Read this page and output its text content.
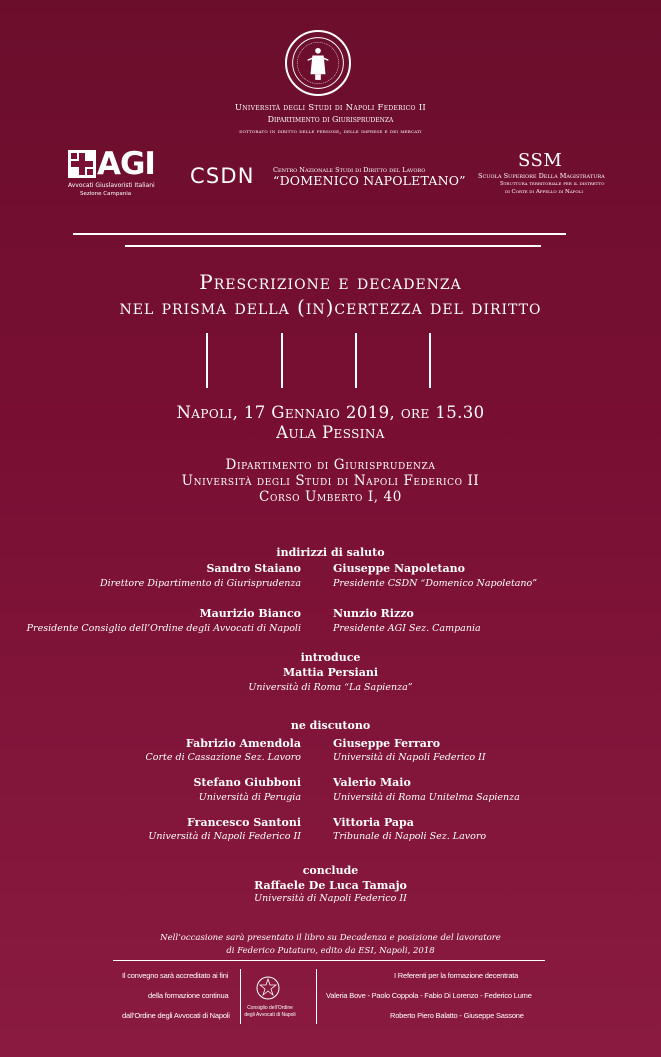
Università degli Studi di Napoli Federico II
Dipartimento di Giurisprudenza
dottorato in diritto delle persone, delle imprese e dei mercati
AGI
Avvocati Giuslavoristi Italiani
Sezione Campania
CSDN	Centro Nazionale Studi di Diritto del Lavoro
“DOMENICO NAPOLETANO”
SSM
Scuola Superiore Della Magistratura
Struttura territoriale per il distretto
di Corte di Appello di Napoli
Prescrizione e decadenza
nel prisma della (in)certezza del diritto
Napoli, 17 Gennaio 2019, ore 15.30
Aula Pessina
Dipartimento di Giurisprudenza
Università degli Studi di Napoli Federico II
Corso Umberto I, 40
indirizzi di saluto
Sandro Staiano
Direttore Dipartimento di Giurisprudenza
Giuseppe Napoletano
Presidente CSDN “Domenico Napoletano”
Maurizio Bianco
Presidente Consiglio dell’Ordine degli Avvocati di Napoli
Nunzio Rizzo
Presidente AGI Sez. Campania
introduce
Mattia Persiani
Università di Roma “La Sapienza”
ne discutono
Fabrizio Amendola
Corte di Cassazione Sez. Lavoro
Giuseppe Ferraro
Università di Napoli Federico II
Stefano Giubboni
Università di Perugia
Valerio Maio
Università di Roma Unitelma Sapienza
Francesco Santoni
Università di Napoli Federico II
Vittoria Papa
Tribunale di Napoli Sez. Lavoro
conclude
Raffaele De Luca Tamajo
Università di Napoli Federico II
Nell’occasione sarà presentato il libro su Decadenza e posizione del lavoratore
di Federico Putaturo, edito da ESI, Napoli, 2018
Il convegno sarà accreditato ai fini
della formazione continua
dall’Ordine degli Avvocati di Napoli
Consiglio dell’Ordine
degli Avvocati di Napoli
I Referenti per la formazione decentrata
Valeria Bove - Paolo Coppola - Fabio Di Lorenzo - Federico Lume
Roberto Piero Balatto - Giuseppe Sassone
